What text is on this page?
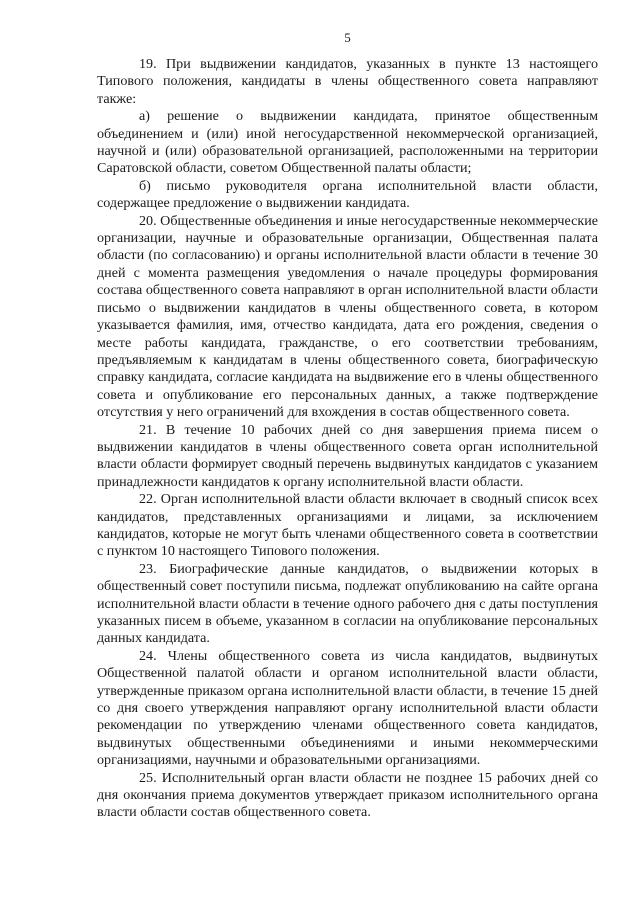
5

19. При выдвижении кандидатов, указанных в пункте 13 настоящего Типового положения, кандидаты в члены общественного совета направляют также:

а) решение о выдвижении кандидата, принятое общественным объединением и (или) иной негосударственной некоммерческой организацией, научной и (или) образовательной организацией, расположенными на территории Саратовской области, советом Общественной палаты области;

б) письмо руководителя органа исполнительной власти области, содержащее предложение о выдвижении кандидата.

20. Общественные объединения и иные негосударственные некоммерческие организации, научные и образовательные организации, Общественная палата области (по согласованию) и органы исполнительной власти области в течение 30 дней с момента размещения уведомления о начале процедуры формирования состава общественного совета направляют в орган исполнительной власти области письмо о выдвижении кандидатов в члены общественного совета, в котором указывается фамилия, имя, отчество кандидата, дата его рождения, сведения о месте работы кандидата, гражданстве, о его соответствии требованиям, предъявляемым к кандидатам в члены общественного совета, биографическую справку кандидата, согласие кандидата на выдвижение его в члены общественного совета и опубликование его персональных данных, а также подтверждение отсутствия у него ограничений для вхождения в состав общественного совета.

21. В течение 10 рабочих дней со дня завершения приема писем о выдвижении кандидатов в члены общественного совета орган исполнительной власти области формирует сводный перечень выдвинутых кандидатов с указанием принадлежности кандидатов к органу исполнительной власти области.

22. Орган исполнительной власти области включает в сводный список всех кандидатов, представленных организациями и лицами, за исключением кандидатов, которые не могут быть членами общественного совета в соответствии с пунктом 10 настоящего Типового положения.

23. Биографические данные кандидатов, о выдвижении которых в общественный совет поступили письма, подлежат опубликованию на сайте органа исполнительной власти области в течение одного рабочего дня с даты поступления указанных писем в объеме, указанном в согласии на опубликование персональных данных кандидата.

24. Члены общественного совета из числа кандидатов, выдвинутых Общественной палатой области и органом исполнительной власти области, утвержденные приказом органа исполнительной власти области, в течение 15 дней со дня своего утверждения направляют органу исполнительной власти области рекомендации по утверждению членами общественного совета кандидатов, выдвинутых общественными объединениями и иными некоммерческими организациями, научными и образовательными организациями.

25. Исполнительный орган власти области не позднее 15 рабочих дней со дня окончания приема документов утверждает приказом исполнительного органа власти области состав общественного совета.
